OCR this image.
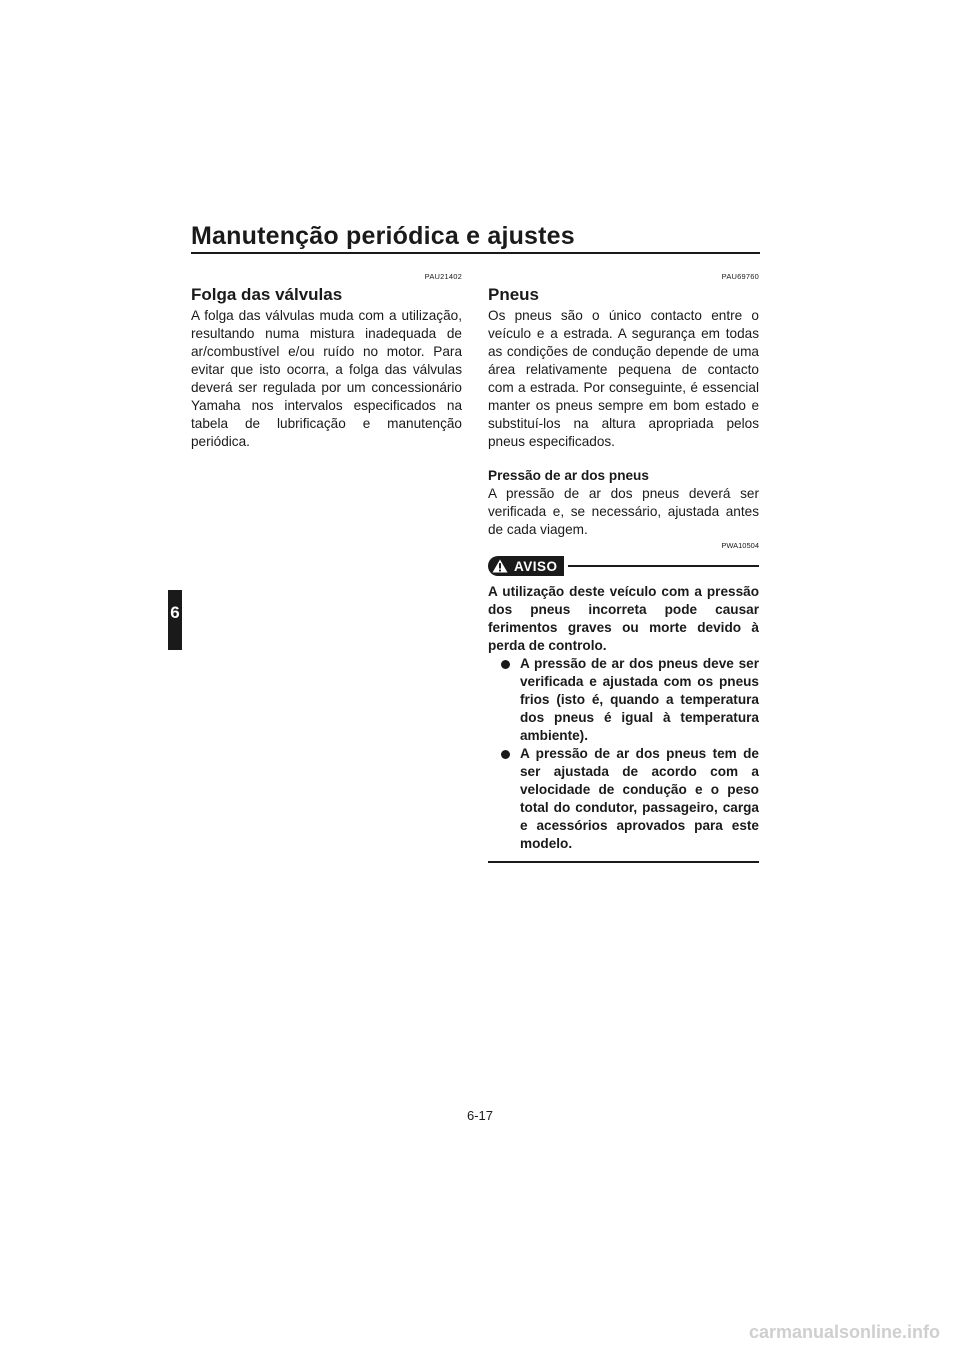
Manutenção periódica e ajustes
6
PAU21402
Folga das válvulas

A folga das válvulas muda com a utilização, resultando numa mistura inadequada de ar/combustível e/ou ruído no motor. Para evitar que isto ocorra, a folga das válvulas deverá ser regulada por um concessionário Yamaha nos intervalos especificados na tabela de lubrificação e manutenção periódica.

PAU69760
Pneus

Os pneus são o único contacto entre o veículo e a estrada. A segurança em todas as condições de condução depende de uma área relativamente pequena de contacto com a estrada. Por conseguinte, é essencial manter os pneus sempre em bom estado e substituí-los na altura apropriada pelos pneus especificados.

Pressão de ar dos pneus

A pressão de ar dos pneus deverá ser verificada e, se necessário, ajustada antes de cada viagem.

PWA10504
AVISO

A utilização deste veículo com a pressão dos pneus incorreta pode causar ferimentos graves ou morte devido à perda de controlo.

A pressão de ar dos pneus deve ser verificada e ajustada com os pneus frios (isto é, quando a temperatura dos pneus é igual à temperatura ambiente).
A pressão de ar dos pneus tem de ser ajustada de acordo com a velocidade de condução e o peso total do condutor, passageiro, carga e acessórios aprovados para este modelo.
6-17
carmanualsonline.info
